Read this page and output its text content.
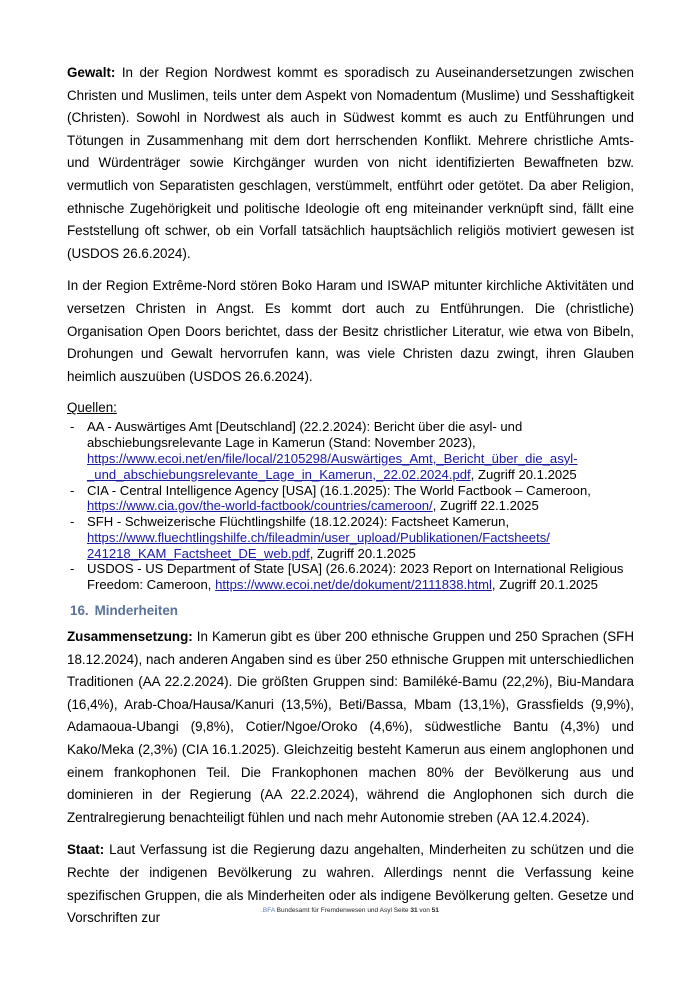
Gewalt: In der Region Nordwest kommt es sporadisch zu Auseinandersetzungen zwischen Christen und Muslimen, teils unter dem Aspekt von Nomadentum (Muslime) und Sesshaftigkeit (Christen). Sowohl in Nordwest als auch in Südwest kommt es auch zu Entführungen und Tötungen in Zusammenhang mit dem dort herrschenden Konflikt. Mehrere christliche Amts- und Würdenträger sowie Kirchgänger wurden von nicht identifizierten Bewaffneten bzw. vermutlich von Separatisten geschlagen, verstümmelt, entführt oder getötet. Da aber Religion, ethnische Zugehörigkeit und politische Ideologie oft eng miteinander verknüpft sind, fällt eine Feststellung oft schwer, ob ein Vorfall tatsächlich hauptsächlich religiös motiviert gewesen ist (USDOS 26.6.2024).

In der Region Extrême-Nord stören Boko Haram und ISWAP mitunter kirchliche Aktivitäten und versetzen Christen in Angst. Es kommt dort auch zu Entführungen. Die (christliche) Organisation Open Doors berichtet, dass der Besitz christlicher Literatur, wie etwa von Bibeln, Drohungen und Gewalt hervorrufen kann, was viele Christen dazu zwingt, ihren Glauben heimlich auszuüben (USDOS 26.6.2024).

Quellen:
- AA - Auswärtiges Amt [Deutschland] (22.2.2024): Bericht über die asyl- und abschiebungsrelevante Lage in Kamerun (Stand: November 2023), https://www.ecoi.net/en/file/local/2105298/Auswärtiges_Amt,_Bericht_über_die_asyl-_und_abschiebungsrelevante_Lage_in_Kamerun,_22.02.2024.pdf, Zugriff 20.1.2025
- CIA - Central Intelligence Agency [USA] (16.1.2025): The World Factbook – Cameroon, https://www.cia.gov/the-world-factbook/countries/cameroon/, Zugriff 22.1.2025
- SFH - Schweizerische Flüchtlingshilfe (18.12.2024): Factsheet Kamerun, https://www.fluechtlingshilfe.ch/fileadmin/user_upload/Publikationen/Factsheets/ 241218_KAM_Factsheet_DE_web.pdf, Zugriff 20.1.2025
- USDOS - US Department of State [USA] (26.6.2024): 2023 Report on International Religious Freedom: Cameroon, https://www.ecoi.net/de/dokument/2111838.html, Zugriff 20.1.2025
16. Minderheiten

Zusammensetzung: In Kamerun gibt es über 200 ethnische Gruppen und 250 Sprachen (SFH 18.12.2024), nach anderen Angaben sind es über 250 ethnische Gruppen mit unterschiedlichen Traditionen (AA 22.2.2024). Die größten Gruppen sind: Bamiléké-Bamu (22,2%), Biu-Mandara (16,4%), Arab-Choa/Hausa/Kanuri (13,5%), Beti/Bassa, Mbam (13,1%), Grassfields (9,9%), Adamaoua-Ubangi (9,8%), Cotier/Ngoe/Oroko (4,6%), südwestliche Bantu (4,3%) und Kako/Meka (2,3%) (CIA 16.1.2025). Gleichzeitig besteht Kamerun aus einem anglophonen und einem frankophonen Teil. Die Frankophonen machen 80% der Bevölkerung aus und dominieren in der Regierung (AA 22.2.2024), während die Anglophonen sich durch die Zentralregierung benachteiligt fühlen und nach mehr Autonomie streben (AA 12.4.2024).

Staat: Laut Verfassung ist die Regierung dazu angehalten, Minderheiten zu schützen und die Rechte der indigenen Bevölkerung zu wahren. Allerdings nennt die Verfassung keine spezifischen Gruppen, die als Minderheiten oder als indigene Bevölkerung gelten. Gesetze und Vorschriften zur	.BFA Bundesamt für Fremdenwesen und Asyl Seite 31 von 51
